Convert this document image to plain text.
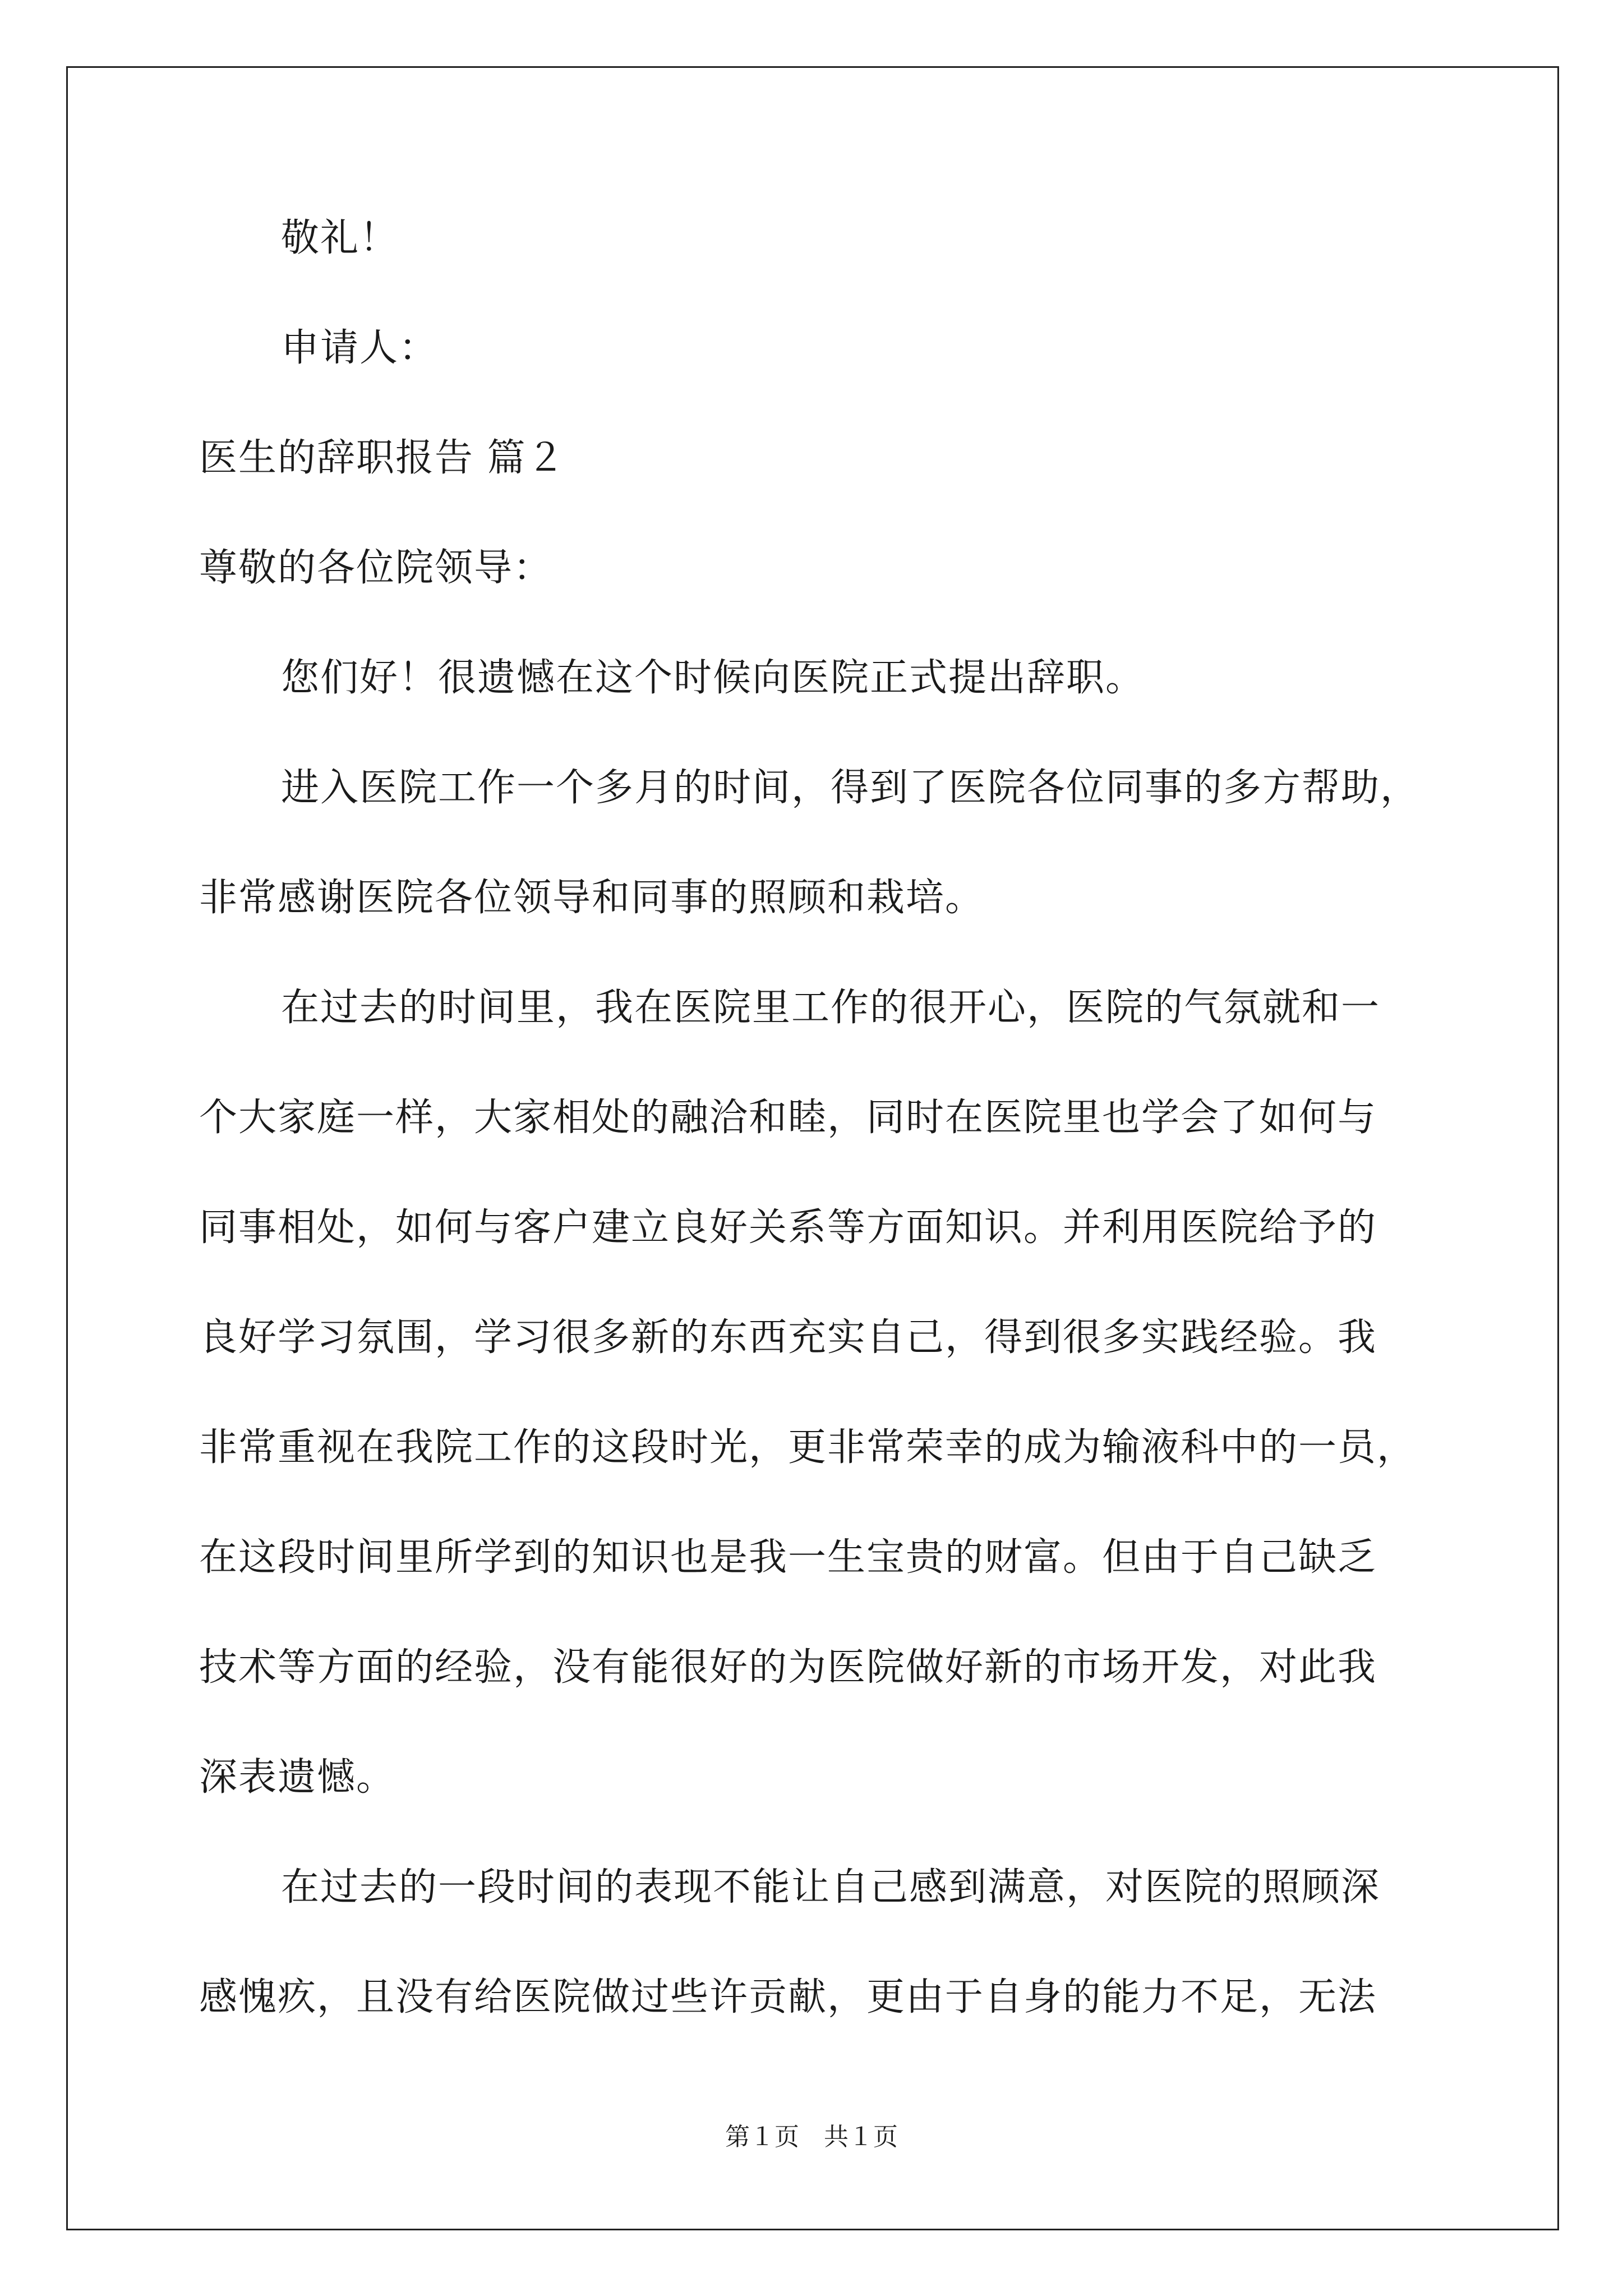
敬礼！
申请人：
医生的辞职报告 篇２
尊敬的各位院领导：
您们好！很遗憾在这个时候向医院正式提出辞职。
进入医院工作一个多月的时间，得到了医院各位同事的多方帮助，
非常感谢医院各位领导和同事的照顾和栽培。
在过去的时间里，我在医院里工作的很开心，医院的气氛就和一
个大家庭一样，大家相处的融洽和睦，同时在医院里也学会了如何与
同事相处，如何与客户建立良好关系等方面知识。并利用医院给予的
良好学习氛围，学习很多新的东西充实自己，得到很多实践经验。我
非常重视在我院工作的这段时光，更非常荣幸的成为输液科中的一员，
在这段时间里所学到的知识也是我一生宝贵的财富。但由于自己缺乏
技术等方面的经验，没有能很好的为医院做好新的市场开发，对此我
深表遗憾。
在过去的一段时间的表现不能让自己感到满意，对医院的照顾深
感愧疚，且没有给医院做过些许贡献，更由于自身的能力不足，无法
第１页　共１页
